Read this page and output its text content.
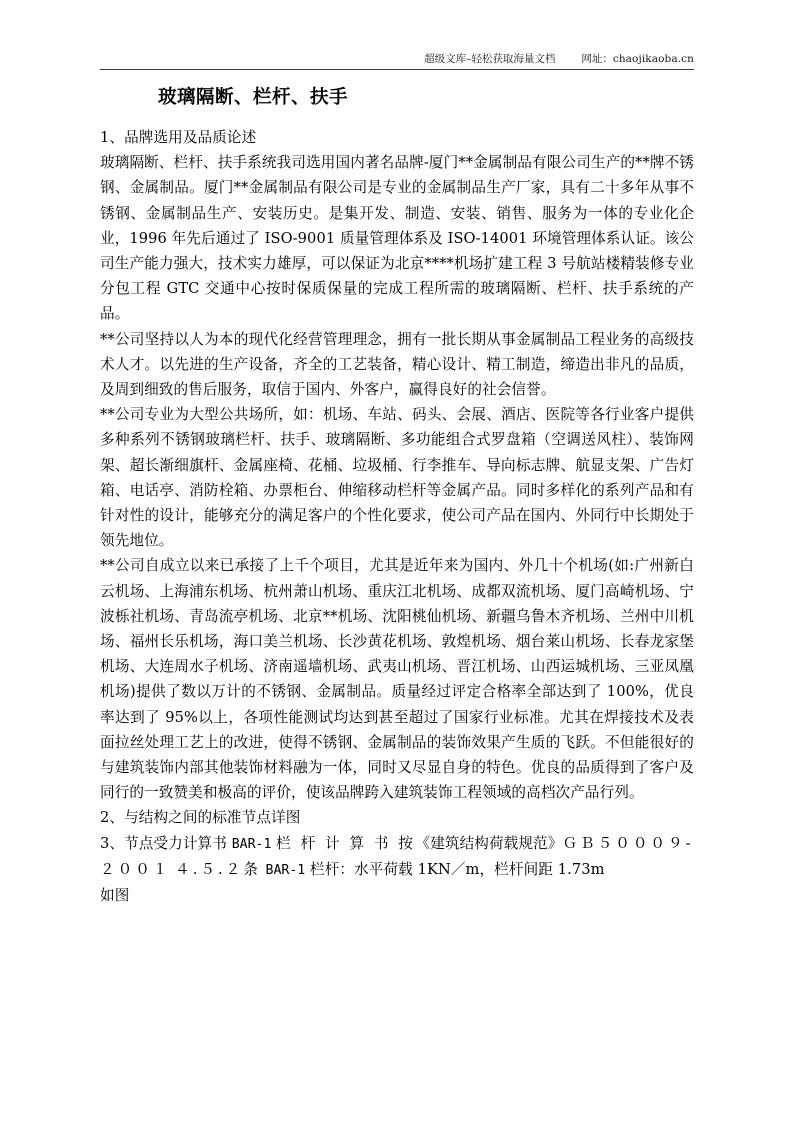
超级文库–轻松获取海量文档 网址：chaojikaoba.cn
玻璃隔断、栏杆、扶手

1、品牌选用及品质论述

玻璃隔断、栏杆、扶手系统我司选用国内著名品牌-厦门**金属制品有限公司生产的**牌不锈钢、金属制品。厦门**金属制品有限公司是专业的金属制品生产厂家，具有二十多年从事不锈钢、金属制品生产、安装历史。是集开发、制造、安装、销售、服务为一体的专业化企业，1996 年先后通过了 ISO‐9001 质量管理体系及 ISO‐14001 环境管理体系认证。该公司生产能力强大，技术实力雄厚，可以保证为北京****机场扩建工程 3 号航站楼精装修专业分包工程 GTC 交通中心按时保质保量的完成工程所需的玻璃隔断、栏杆、扶手系统的产品。

**公司坚持以人为本的现代化经营管理理念，拥有一批长期从事金属制品工程业务的高级技术人才。以先进的生产设备，齐全的工艺装备，精心设计、精工制造，缔造出非凡的品质，及周到细致的售后服务，取信于国内、外客户，赢得良好的社会信誉。

**公司专业为大型公共场所，如：机场、车站、码头、会展、酒店、医院等各行业客户提供多种系列不锈钢玻璃栏杆、扶手、玻璃隔断、多功能组合式罗盘箱（空调送风柱）、装饰网架、超长渐细旗杆、金属座椅、花桶、垃圾桶、行李推车、导向标志牌、航显支架、广告灯箱、电话亭、消防栓箱、办票柜台、伸缩移动栏杆等金属产品。同时多样化的系列产品和有针对性的设计，能够充分的满足客户的个性化要求，使公司产品在国内、外同行中长期处于领先地位。

**公司自成立以来已承接了上千个项目，尤其是近年来为国内、外几十个机场(如:广州新白云机场、上海浦东机场、杭州萧山机场、重庆江北机场、成都双流机场、厦门高崎机场、宁波栎社机场、青岛流亭机场、北京**机场、沈阳桃仙机场、新疆乌鲁木齐机场、兰州中川机场、福州长乐机场，海口美兰机场、长沙黄花机场、敦煌机场、烟台莱山机场、长春龙家堡机场、大连周水子机场、济南遥墙机场、武夷山机场、晋江机场、山西运城机场、三亚凤凰机场)提供了数以万计的不锈钢、金属制品。质量经过评定合格率全部达到了 100%，优良率达到了 95%以上，各项性能测试均达到甚至超过了国家行业标准。尤其在焊接技术及表面拉丝处理工艺上的改进，使得不锈钢、金属制品的装饰效果产生质的飞跃。不但能很好的与建筑装饰内部其他装饰材料融为一体，同时又尽显自身的特色。优良的品质得到了客户及同行的一致赞美和极高的评价，使该品牌跨入建筑装饰工程领域的高档次产品行列。

2、与结构之间的标准节点详图

3、节点受力计算书 BAR-1 栏 杆 计 算 书 按《建筑结构荷载规范》ＧＢ５０００９-２００１ ４.５.２条 BAR-1 栏杆：水平荷载 1KN／m，栏杆间距 1.73m

如图
